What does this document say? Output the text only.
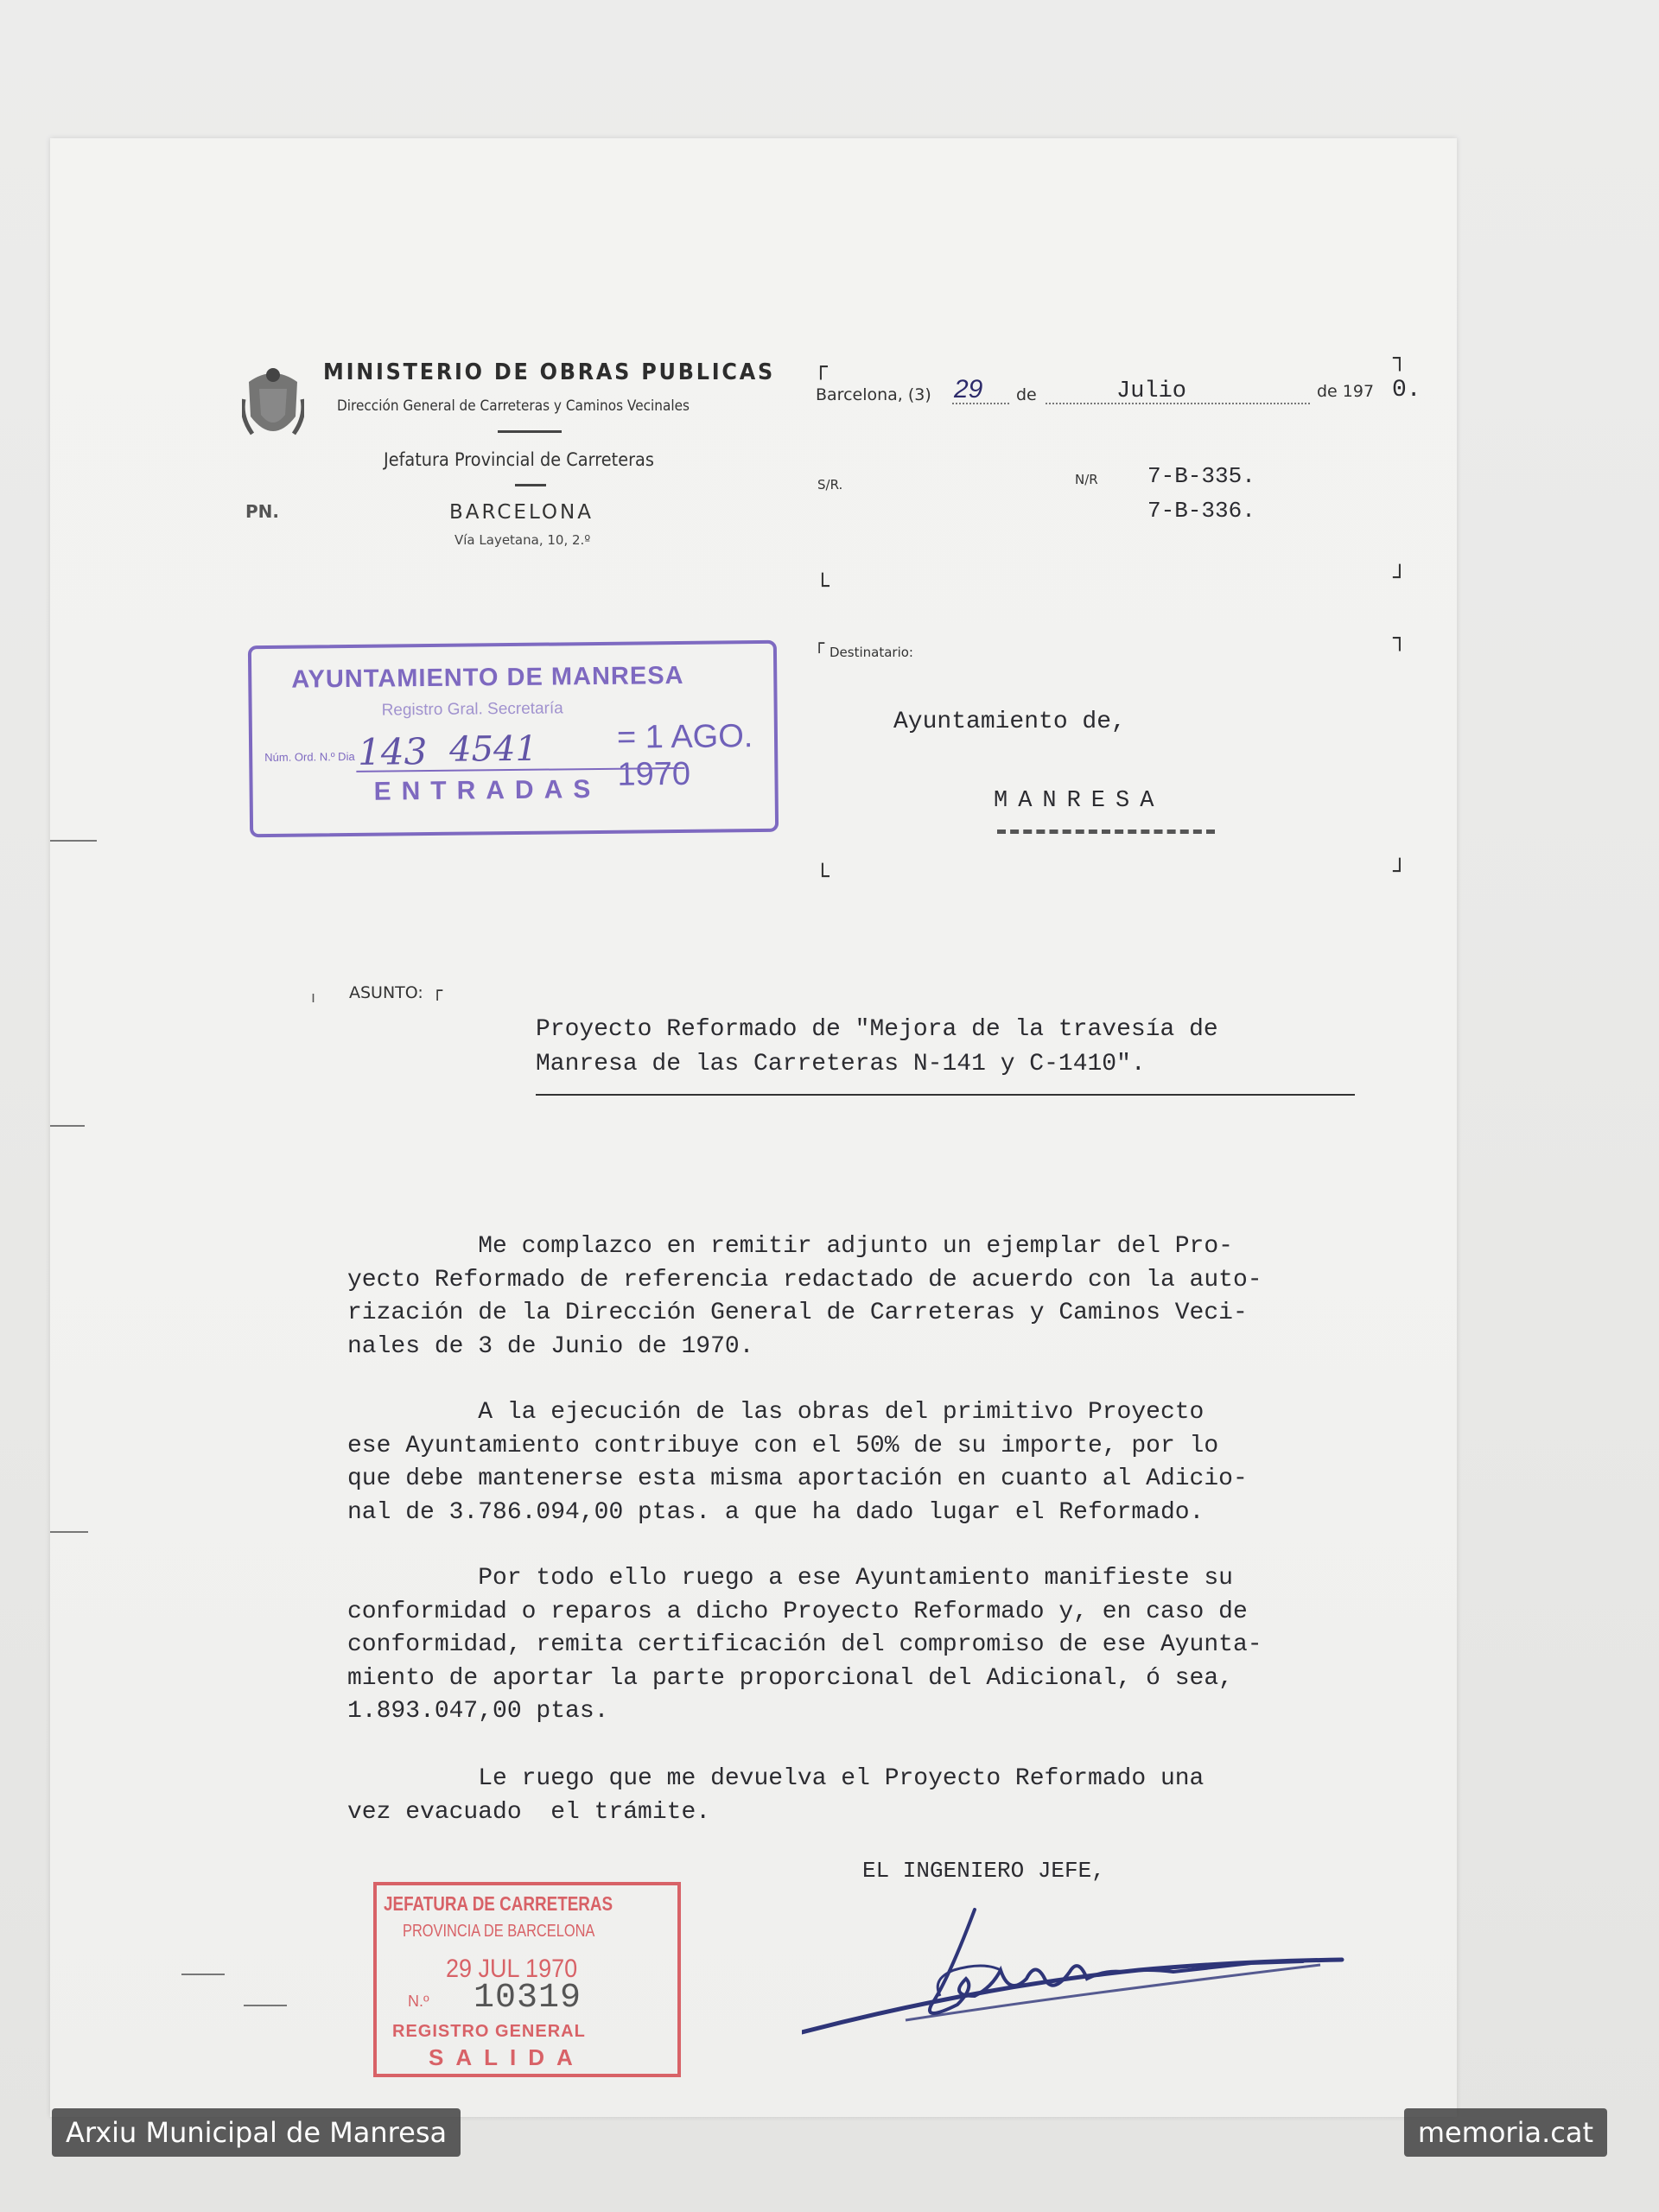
MINISTERIO DE OBRAS PUBLICAS
Dirección General de Carreteras y Caminos Vecinales
Jefatura Provincial de Carreteras
PN.	BARCELONA
Vía Layetana, 10, 2.º
┌	┐
Barcelona, (3) 29 de	Julio	de 197 0.
S/R.	N/R 7-B-335.
7-B-336.
└	┘
┌ Destinatario:
┐
Ayuntamiento de,
MANRESA
└	┘
AYUNTAMIENTO DE MANRESA
Registro Gral. Secretaría
Núm. Ord. N.º Dia 143 4541 = 1 AGO. 1970
ENTRADAS
ı ASUNTO: ┌
Proyecto Reformado de "Mejora de la travesía de
Manresa de las Carreteras N-141 y C-1410".
Me complazco en remitir adjunto un ejemplar del Pro-
yecto Reformado de referencia redactado de acuerdo con la auto-
rización de la Dirección General de Carreteras y Caminos Veci-
nales de 3 de Junio de 1970.
A la ejecución de las obras del primitivo Proyecto
ese Ayuntamiento contribuye con el 50% de su importe, por lo
que debe mantenerse esta misma aportación en cuanto al Adicio-
nal de 3.786.094,00 ptas. a que ha dado lugar el Reformado.
Por todo ello ruego a ese Ayuntamiento manifieste su
conformidad o reparos a dicho Proyecto Reformado y, en caso de
conformidad, remita certificación del compromiso de ese Ayunta-
miento de aportar la parte proporcional del Adicional, ó sea,
1.893.047,00 ptas.
Le ruego que me devuelva el Proyecto Reformado una
vez evacuado  el trámite.
EL INGENIERO JEFE,
JEFATURA DE CARRETERAS
PROVINCIA DE BARCELONA
29 JUL 1970
N.º 10319
REGISTRO GENERAL
SALIDA
Arxiu Municipal de Manresa	memoria.cat
